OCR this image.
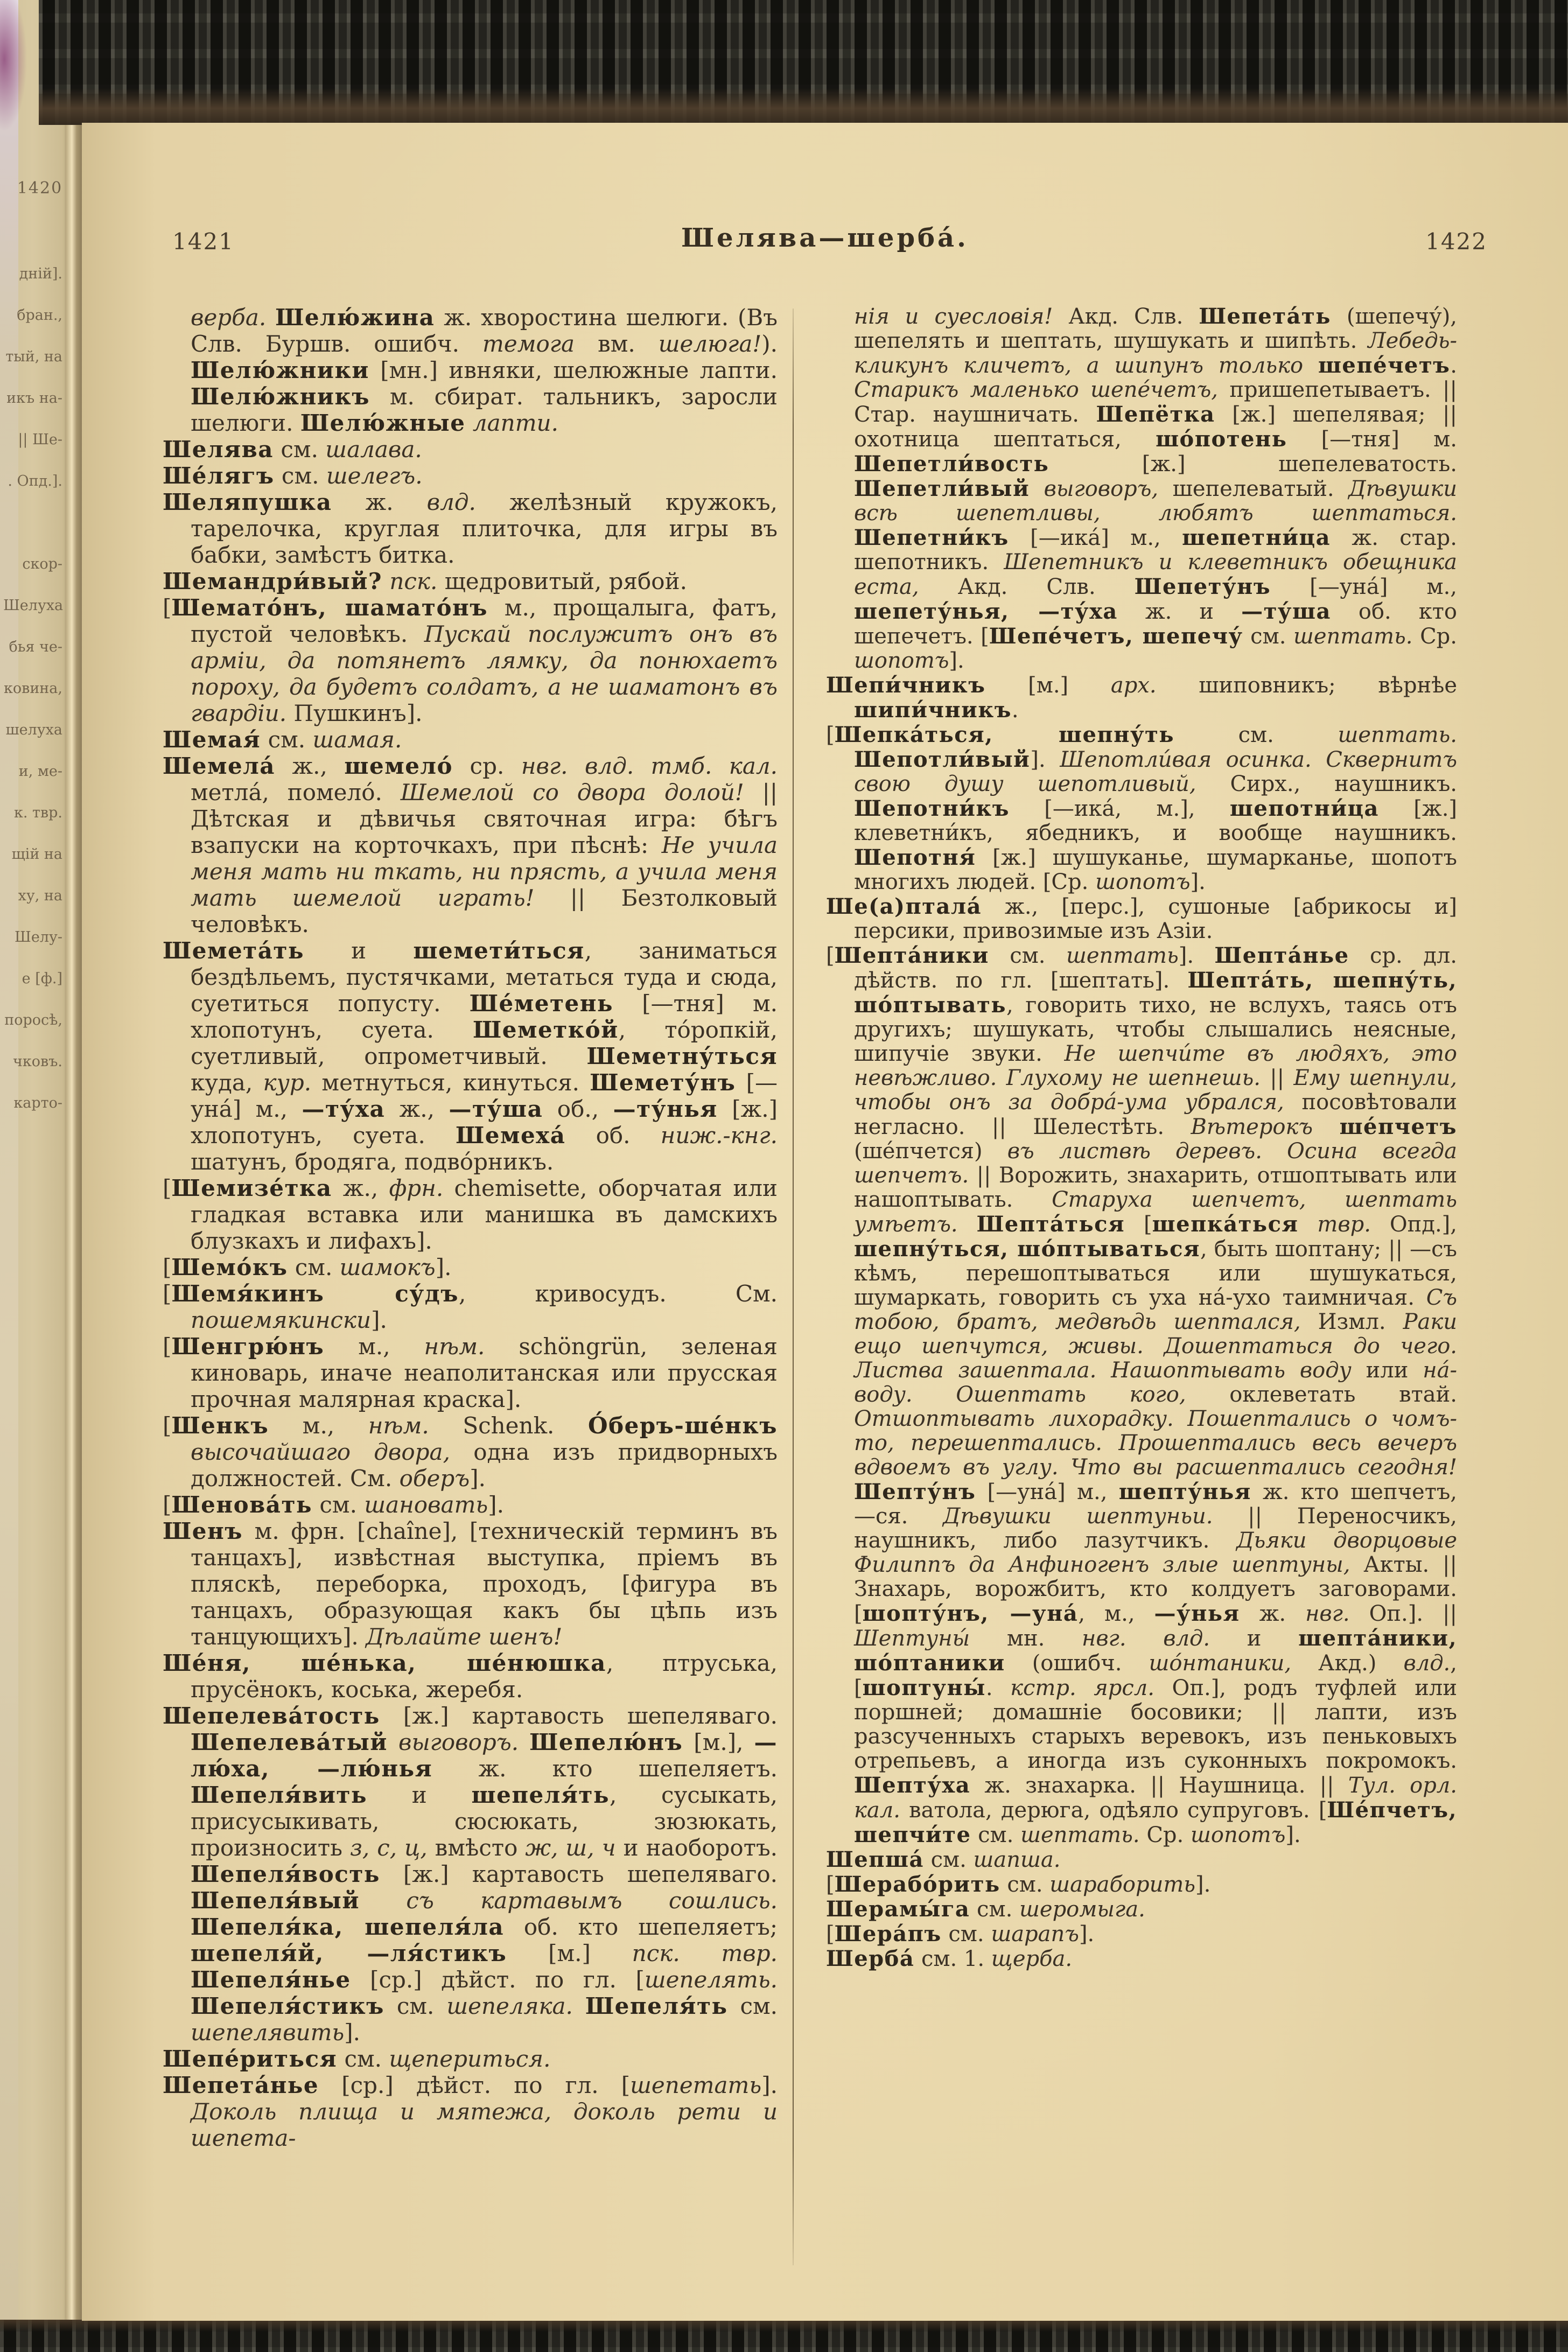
1420
дній].
бран.,
тый, на
икъ на-
|| Ше-
. Опд.].
скор-
Шелуха
бья че-
ковина,
шелуха
и, ме-
к. твр.
щій на
ху, на
Шелу-
е [ф.]
поросѣ,
чковъ.
карто-
1421	Шелява—шерба́.	1422

верба. Шелю́жина ж. хворостина шелюги. (Въ Слв. Буршв. ошибч. темога вм. шелюга!). Шелю́жники [мн.] ивняки, шелюжные лапти. Шелю́жникъ м. сбират. тальникъ, заросли шелюги. Шелю́жные лапти.

Шелява см. шалава.

Ше́лягъ см. шелегъ.

Шеляпушка ж. влд. желѣзный кружокъ, тарелочка, круглая плиточка, для игры въ бабки, замѣстъ битка.

Шемандри́вый? пск. щедровитый, рябой.

[Шемато́нъ, шамато́нъ м., прощалыга, фатъ, пустой человѣкъ. Пускай послужитъ онъ въ арміи, да потянетъ лямку, да понюхаетъ пороху, да будетъ солдатъ, а не шаматонъ въ гвардіи. Пушкинъ].

Шемая́ см. шамая.

Шемела́ ж., шемело́ ср. нвг. влд. тмб. кал. метла́, помело́. Шемелой со двора долой! || Дѣтская и дѣвичья святочная игра: бѣгъ взапуски на корточкахъ, при пѣснѣ: Не учила меня мать ни ткать, ни прясть, а учила меня мать шемелой играть! || Безтолковый человѣкъ.

Шемета́ть и шемети́ться, заниматься бездѣльемъ, пустячками, метаться туда и сюда, суетиться попусту. Ше́метень [—тня] м. хлопотунъ, суета. Шеметко́й, то́ропкій, суетливый, опрометчивый. Шеметну́ться куда, кур. метнуться, кинуться. Шемету́нъ [—уна́] м., —ту́ха ж., —ту́ша об., —ту́нья [ж.] хлопотунъ, суета. Шемеха́ об. ниж.-кнг. шатунъ, бродяга, подво́рникъ.

[Шемизе́тка ж., фрн. chemisette, оборчатая или гладкая вставка или манишка въ дамскихъ блузкахъ и лифахъ].

[Шемо́къ см. шамокъ].

[Шемя́кинъ су́дъ, кривосудъ. См. пошемякински].

[Шенгрю́нъ м., нѣм. schöngrün, зеленая киноварь, иначе неаполитанская или прусская прочная малярная краска].

[Шенкъ м., нѣм. Schenk. О́беръ-ше́нкъ высочайшаго двора, одна изъ придворныхъ должностей. См. оберъ].

[Шенова́ть см. шановать].

Шенъ м. фрн. [chaîne], [техническій терминъ въ танцахъ], извѣстная выступка, пріемъ въ пляскѣ, переборка, проходъ, [фигура въ танцахъ, образующая какъ бы цѣпь изъ танцующихъ]. Дѣлайте шенъ!

Ше́ня, ше́нька, ше́нюшка, птруська, прусёнокъ, коська, жеребя.

Шепелева́тость [ж.] картавость шепеляваго. Шепелева́тый выговоръ. Шепелю́нъ [м.], —лю́ха, —лю́нья ж. кто шепеляетъ. Шепеля́вить и шепеля́ть, сусыкать, присусыкивать, сюсюкать, зюзюкать, произносить з, с, ц, вмѣсто ж, ш, ч и наоборотъ. Шепеля́вость [ж.] картавость шепеляваго. Шепеля́вый съ картавымъ сошлись. Шепеля́ка, шепеля́ла об. кто шепеляетъ; шепеля́й, —ля́стикъ [м.] пск. твр. Шепеля́нье [ср.] дѣйст. по гл. [шепелять. Шепеля́стикъ см. шепеляка. Шепеля́ть см. шепелявить].

Шепе́риться см. щепериться.

Шепета́нье [ср.] дѣйст. по гл. [шепетать]. Доколь плища и мятежа, доколь рети и шепета-

нія и суесловія! Акд. Слв. Шепета́ть (шепечу́), шепелять и шептать, шушукать и шипѣть. Лебедь-кликунъ кличетъ, а шипунъ только шепе́четъ. Старикъ маленько шепе́четъ, пришепетываетъ. || Стар. наушничать. Шепётка [ж.] шепелявая; || охотница шептаться, шо́потень [—тня] м. Шепетли́вость [ж.] шепелеватость. Шепетли́вый выговоръ, шепелеватый. Дѣвушки всѣ шепетливы, любятъ шептаться. Шепетни́къ [—ика́] м., шепетни́ца ж. стар. шепотникъ. Шепетникъ и клеветникъ обещника еста, Акд. Слв. Шепету́нъ [—уна́] м., шепету́нья, —ту́ха ж. и —ту́ша об. кто шепечетъ. [Шепе́четъ, шепечу́ см. шептать. Ср. шопотъ].

Шепи́чникъ [м.] арх. шиповникъ; вѣрнѣе шипи́чникъ.

[Шепка́ться, шепну́ть см. шептать. Шепотли́вый]. Шепотли́вая осинка. Сквернитъ свою душу шепотливый, Сирх., наушникъ. Шепотни́къ [—ика́, м.], шепотни́ца [ж.] клеветни́къ, ябедникъ, и вообще наушникъ. Шепотня́ [ж.] шушуканье, шумарканье, шопотъ многихъ людей. [Ср. шопотъ].

Ше(а)птала́ ж., [перс.], сушоные [абрикосы и] персики, привозимые изъ Азіи.

[Шепта́ники см. шептать]. Шепта́нье ср. дл. дѣйств. по гл. [шептать]. Шепта́ть, шепну́ть, шо́птывать, говорить тихо, не вслухъ, таясь отъ другихъ; шушукать, чтобы слышались неясные, шипучіе звуки. Не шепчи́те въ людяхъ, это невѣжливо. Глухому не шепнешь. || Ему шепнули, чтобы онъ за добра́-ума убрался, посовѣтовали негласно. || Шелестѣть. Вѣтерокъ ше́пчетъ (ше́пчется) въ листвѣ деревъ. Осина всегда шепчетъ. || Ворожить, знахарить, отшоптывать или нашоптывать. Старуха шепчетъ, шептать умѣетъ. Шепта́ться [шепка́ться твр. Опд.], шепну́ться, шо́птываться, быть шоптану; || —съ кѣмъ, перешоптываться или шушукаться, шумаркать, говорить съ уха на́-ухо таимничая. Съ тобою, братъ, медвѣдь шептался, Измл. Раки ещо шепчутся, живы. Дошептаться до чего. Листва зашептала. Нашоптывать воду или на́-воду. Ошептать кого, оклеветать втай. Отшоптывать лихорадку. Пошептались о чомъ-то, перешептались. Прошептались весь вечеръ вдвоемъ въ углу. Что вы расшептались сегодня! Шепту́нъ [—уна́] м., шепту́нья ж. кто шепчетъ, —ся. Дѣвушки шептуньи. || Переносчикъ, наушникъ, либо лазутчикъ. Дьяки дворцовые Филиппъ да Анфиногенъ злые шептуны, Акты. || Знахарь, ворожбитъ, кто колдуетъ заговорами. [шопту́нъ, —уна́, м., —у́нья ж. нвг. Оп.]. || Шептуны́ мн. нвг. влд. и шепта́ники, шо́птаники (ошибч. шо́нтаники, Акд.) влд., [шоптуны́. кстр. ярсл. Оп.], родъ туфлей или поршней; домашніе босовики; || лапти, изъ разсученныхъ старыхъ веревокъ, изъ пеньковыхъ отрепьевъ, а иногда изъ суконныхъ покромокъ. Шепту́ха ж. знахарка. || Наушница. || Тул. орл. кал. ватола, дерюга, одѣяло супруговъ. [Ше́пчетъ, шепчи́те см. шептать. Ср. шопотъ].

Шепша́ см. шапша.

[Шерабо́рить см. шараборить].

Шерамы́га см. шеромыга.

[Шера́пъ см. шарапъ].

Шерба́ см. 1. щерба.
